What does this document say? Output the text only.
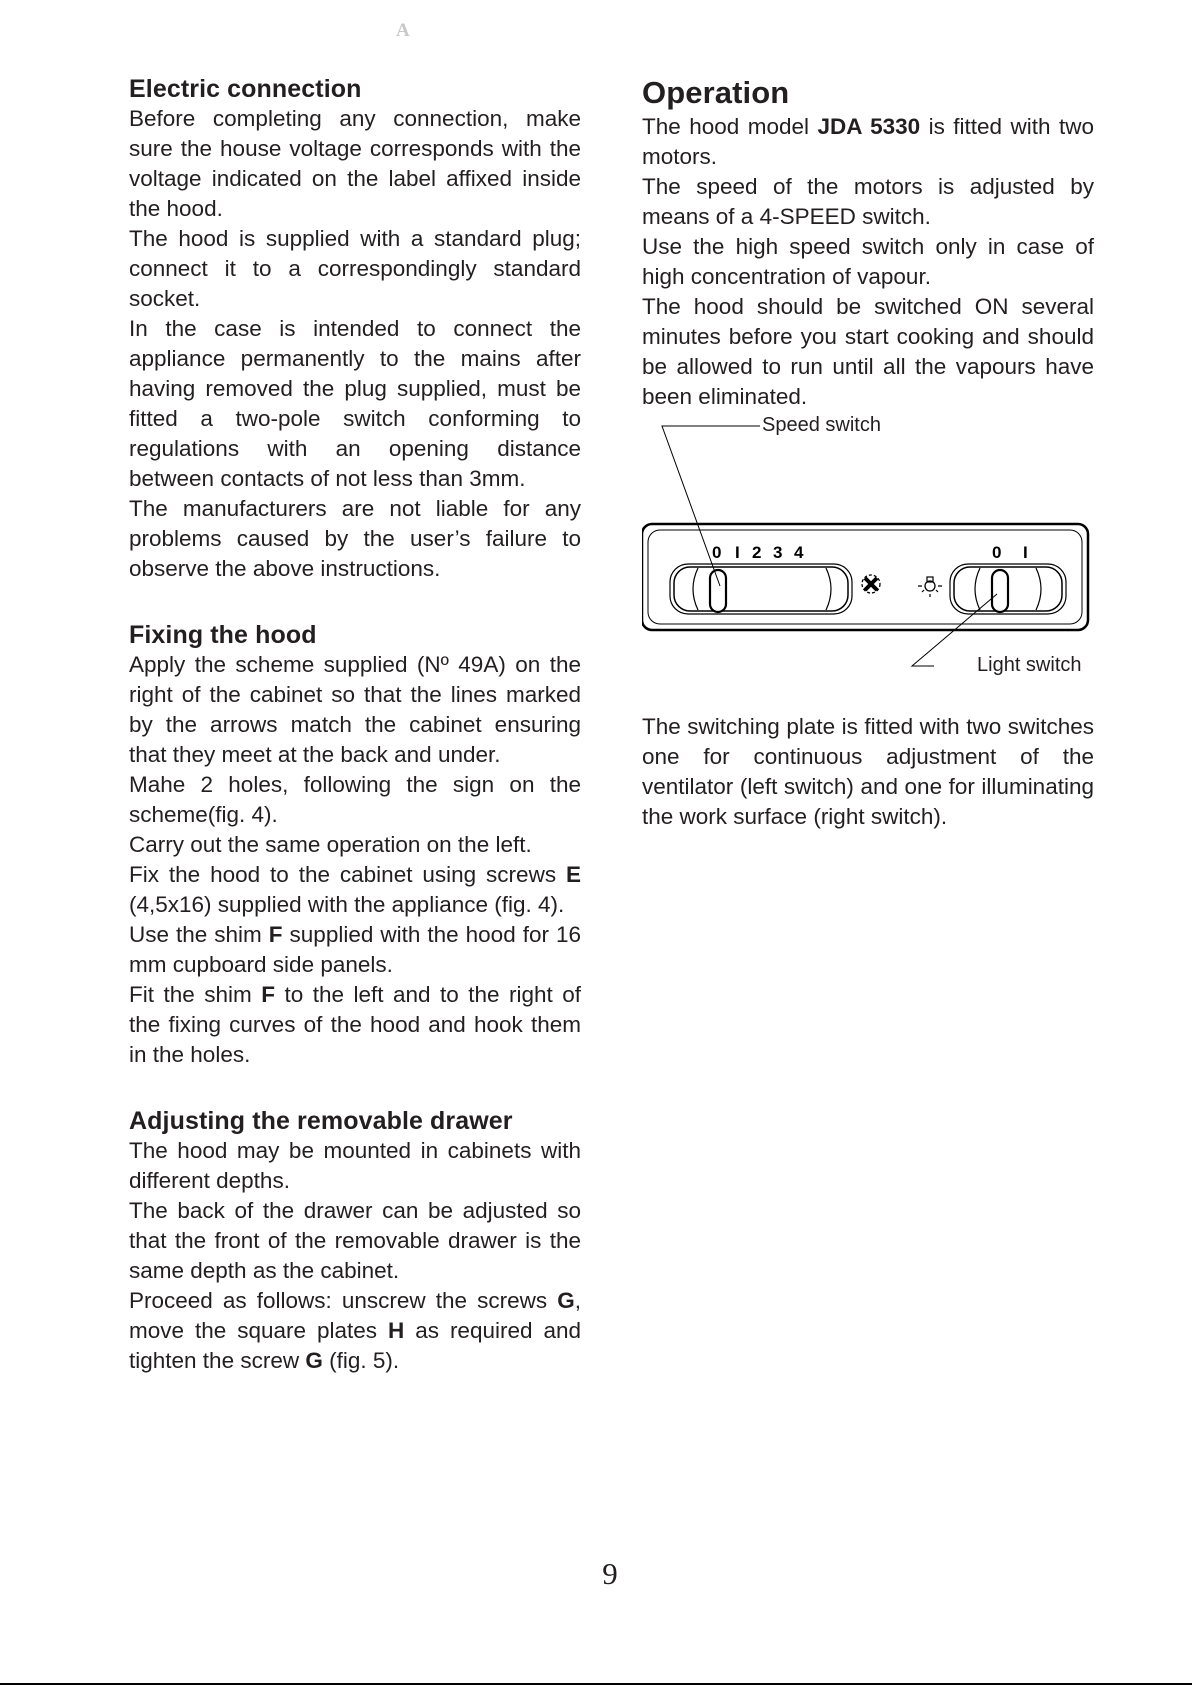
A
Electric connection

Before completing any connection, make sure the house voltage corresponds with the voltage indicated on the label affixed inside the hood.

The hood is supplied with a standard plug; connect it to a correspondingly standard socket.

In the case is intended to connect the appliance permanently to the mains after having removed the plug supplied, must be fitted a two-pole switch conforming to regulations with an opening distance between contacts of not less than 3mm.

The manufacturers are not liable for any problems caused by the user’s failure to observe the above instructions.

Fixing the hood

Apply the scheme supplied (Nº 49A) on the right of the cabinet so that the lines marked by the arrows match the cabinet ensuring that they meet at the back and under.

Mahe 2 holes, following the sign on the scheme(fig. 4).

Carry out the same operation on the left.

Fix the hood to the cabinet using screws E (4,5x16) supplied with the appliance (fig. 4).

Use the shim F supplied with the hood for 16 mm cupboard side panels.

Fit the shim F to the left and to the right of the fixing curves of the hood and hook them in the holes.

Adjusting the removable drawer

The hood may be mounted in cabinets with different depths.

The back of the drawer can be adjusted so that the front of the removable drawer is the same depth as the cabinet.

Proceed as follows: unscrew the screws G, move the square plates H as required and tighten the screw G (fig. 5).

Operation

The hood model JDA 5330 is fitted with two motors.

The speed of the motors is adjusted by means of a 4-SPEED switch.

Use the high speed switch only in case of high concentration of vapour.

The hood should be switched ON several minutes before you start cooking and should be allowed to run until all the vapours have been eliminated.

0 I 2 3 4	0 I
Speed switch
Light switch

The switching plate is fitted with two switches one for continuous adjustment of the ventilator (left switch) and one for illuminating the work surface (right switch).

9
